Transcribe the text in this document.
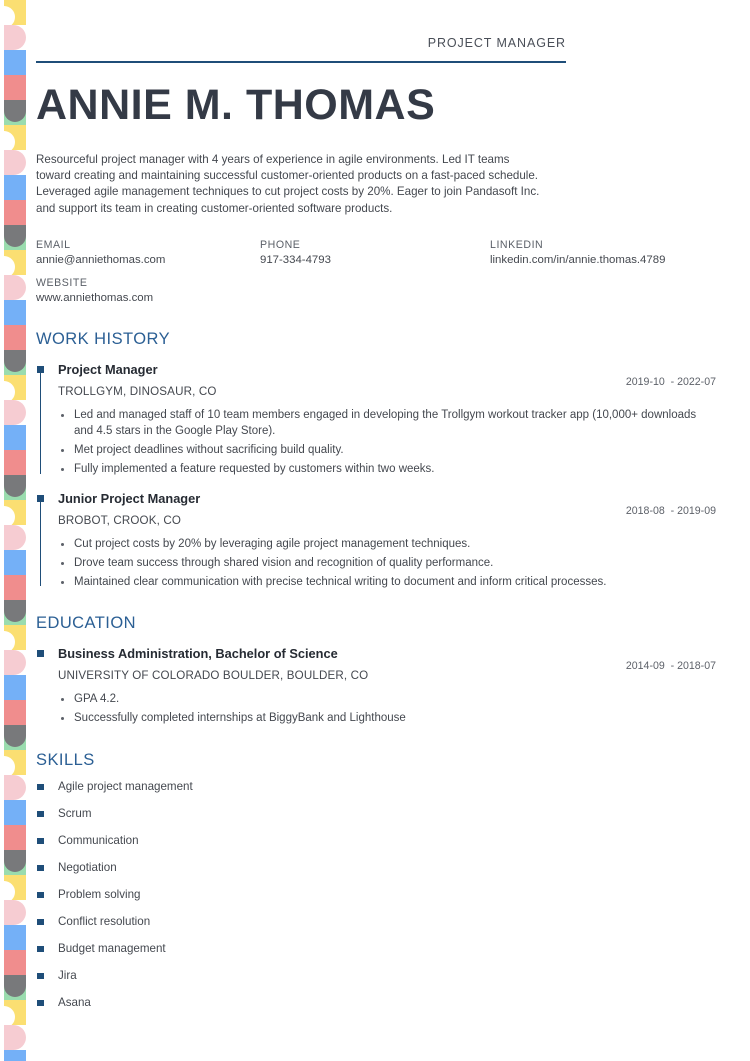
PROJECT MANAGER
ANNIE M. THOMAS
Resourceful project manager with 4 years of experience in agile environments. Led IT teams
toward creating and maintaining successful customer-oriented products on a fast-paced schedule.
Leveraged agile management techniques to cut project costs by 20%. Eager to join Pandasoft Inc.
and support its team in creating customer-oriented software products.
EMAIL
annie@anniethomas.com
PHONE
917-334-4793
LINKEDIN
linkedin.com/in/annie.thomas.4789
WEBSITE
www.anniethomas.com
WORK HISTORY
Project Manager
TROLLGYM, DINOSAUR, CO
2019-10  - 2022-07
Led and managed staff of 10 team members engaged in developing the Trollgym workout tracker app (10,000+ downloads and 4.5 stars in the Google Play Store).
Met project deadlines without sacrificing build quality.
Fully implemented a feature requested by customers within two weeks.
Junior Project Manager
BROBOT, CROOK, CO
2018-08  - 2019-09
Cut project costs by 20% by leveraging agile project management techniques.
Drove team success through shared vision and recognition of quality performance.
Maintained clear communication with precise technical writing to document and inform critical processes.
EDUCATION
Business Administration, Bachelor of Science
UNIVERSITY OF COLORADO BOULDER, BOULDER, CO
2014-09  - 2018-07
GPA 4.2.
Successfully completed internships at BiggyBank and Lighthouse
SKILLS
Agile project management
Scrum
Communication
Negotiation
Problem solving
Conflict resolution
Budget management
Jira
Asana
